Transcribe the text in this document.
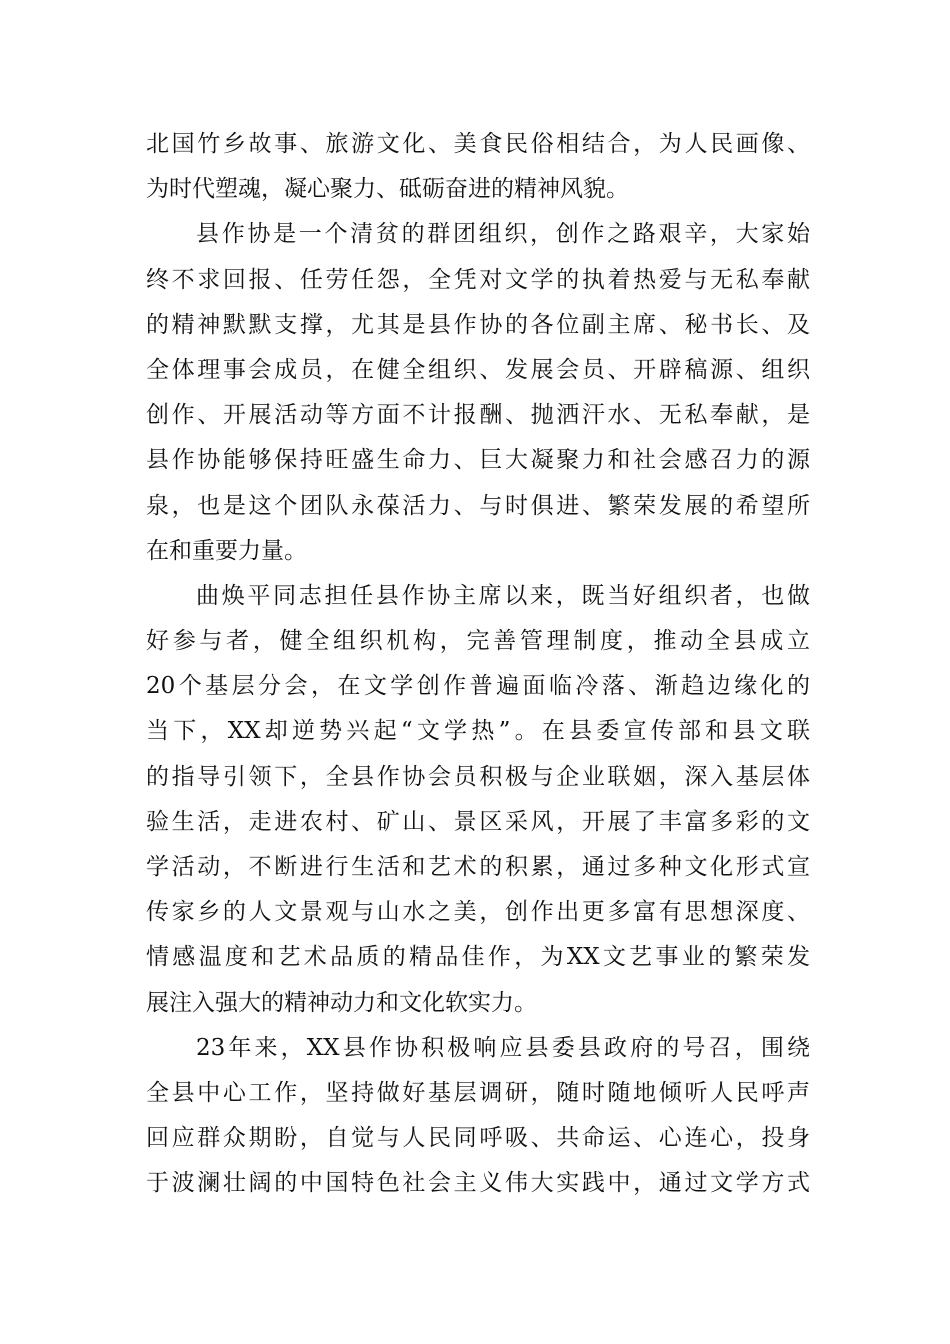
北国竹乡故事、旅游文化、美食民俗相结合，为人民画像、
为时代塑魂，凝心聚力、砥砺奋进的精神风貌。
县作协是一个清贫的群团组织，创作之路艰辛，大家始
终不求回报、任劳任怨，全凭对文学的执着热爱与无私奉献
的精神默默支撑，尤其是县作协的各位副主席、秘书长、及
全体理事会成员，在健全组织、发展会员、开辟稿源、组织
创作、开展活动等方面不计报酬、抛洒汗水、无私奉献，是
县作协能够保持旺盛生命力、巨大凝聚力和社会感召力的源
泉，也是这个团队永葆活力、与时俱进、繁荣发展的希望所
在和重要力量。
曲焕平同志担任县作协主席以来，既当好组织者，也做
好参与者，健全组织机构，完善管理制度，推动全县成立
20个基层分会，在文学创作普遍面临冷落、渐趋边缘化的
当下，XX却逆势兴起“文学热”。在县委宣传部和县文联
的指导引领下，全县作协会员积极与企业联姻，深入基层体
验生活，走进农村、矿山、景区采风，开展了丰富多彩的文
学活动，不断进行生活和艺术的积累，通过多种文化形式宣
传家乡的人文景观与山水之美，创作出更多富有思想深度、
情感温度和艺术品质的精品佳作，为XX文艺事业的繁荣发
展注入强大的精神动力和文化软实力。
23年来，XX县作协积极响应县委县政府的号召，围绕
全县中心工作，坚持做好基层调研，随时随地倾听人民呼声
回应群众期盼，自觉与人民同呼吸、共命运、心连心，投身
于波澜壮阔的中国特色社会主义伟大实践中，通过文学方式
